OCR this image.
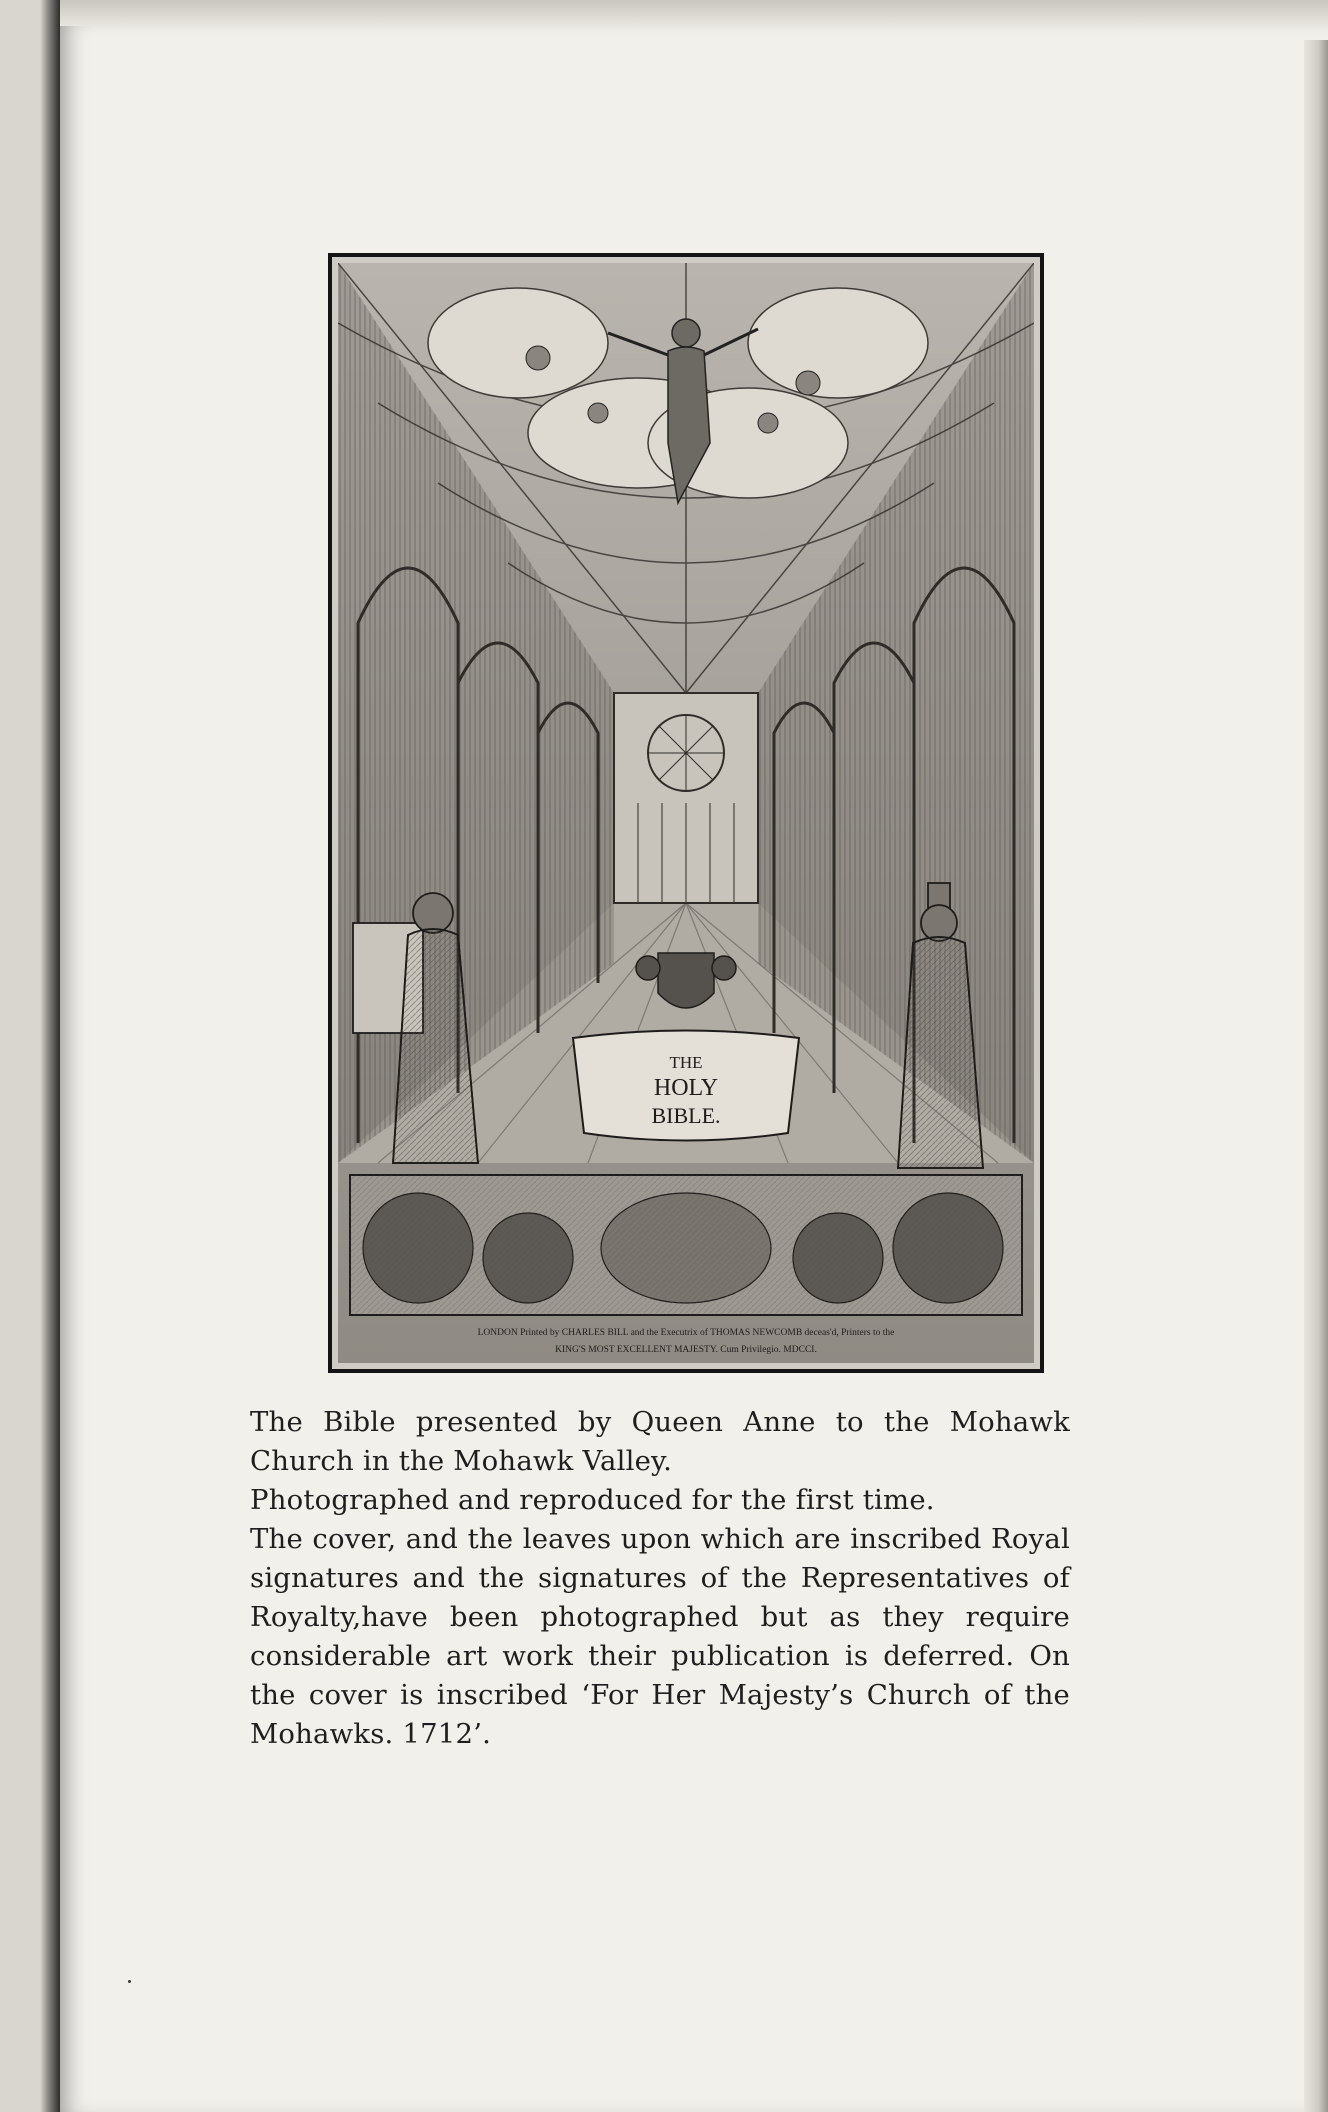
THE
HOLY
BIBLE.
LONDON Printed by CHARLES BILL and the Executrix of THOMAS NEWCOMB deceas'd, Printers to the
KING'S MOST EXCELLENT MAJESTY. Cum Privilegio. MDCCI.

The Bible presented by Queen Anne to the Mohawk Church in the Mohawk Valley.

Photographed and reproduced for the first time.

The cover, and the leaves upon which are inscribed Royal signatures and the signatures of the Representatives of Royalty,have been photographed but as they require considerable art work their publication is deferred. On the cover is inscribed ‘For Her Majesty’s Church of the Mohawks. 1712’.
